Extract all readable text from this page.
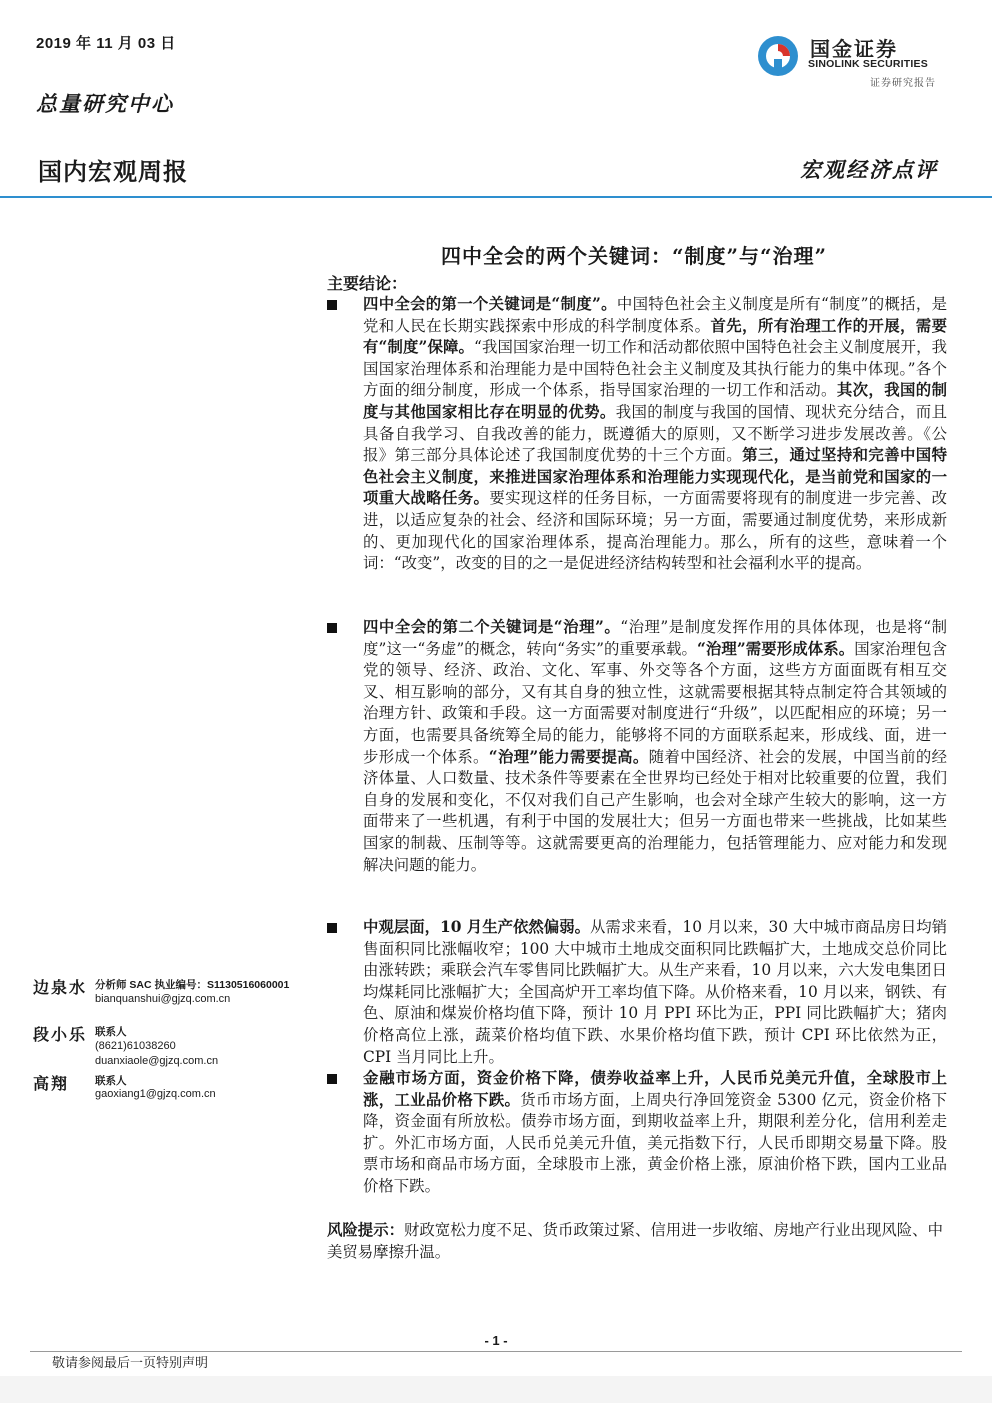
2019 年 11 月 03 日
总量研究中心
国内宏观周报	宏观经济点评
国金证券
SINOLINK SECURITIES
证券研究报告
四中全会的两个关键词：“制度”与“治理”
主要结论：

四中全会的第一个关键词是“制度”。中国特色社会主义制度是所有“制度”的概括，是党和人民在长期实践探索中形成的科学制度体系。首先，所有治理工作的开展，需要有“制度”保障。“我国国家治理一切工作和活动都依照中国特色社会主义制度展开，我国国家治理体系和治理能力是中国特色社会主义制度及其执行能力的集中体现。”各个方面的细分制度，形成一个体系，指导国家治理的一切工作和活动。其次，我国的制度与其他国家相比存在明显的优势。我国的制度与我国的国情、现状充分结合，而且具备自我学习、自我改善的能力，既遵循大的原则，又不断学习进步发展改善。《公报》第三部分具体论述了我国制度优势的十三个方面。第三，通过坚持和完善中国特色社会主义制度，来推进国家治理体系和治理能力实现现代化，是当前党和国家的一项重大战略任务。要实现这样的任务目标，一方面需要将现有的制度进一步完善、改进，以适应复杂的社会、经济和国际环境；另一方面，需要通过制度优势，来形成新的、更加现代化的国家治理体系，提高治理能力。那么，所有的这些，意味着一个词：“改变”，改变的目的之一是促进经济结构转型和社会福利水平的提高。

四中全会的第二个关键词是“治理”。“治理”是制度发挥作用的具体体现，也是将“制度”这一“务虚”的概念，转向“务实”的重要承载。“治理”需要形成体系。国家治理包含党的领导、经济、政治、文化、军事、外交等各个方面，这些方方面面既有相互交叉、相互影响的部分，又有其自身的独立性，这就需要根据其特点制定符合其领域的治理方针、政策和手段。这一方面需要对制度进行“升级”，以匹配相应的环境；另一方面，也需要具备统筹全局的能力，能够将不同的方面联系起来，形成线、面，进一步形成一个体系。“治理”能力需要提高。随着中国经济、社会的发展，中国当前的经济体量、人口数量、技术条件等要素在全世界均已经处于相对比较重要的位置，我们自身的发展和变化，不仅对我们自己产生影响，也会对全球产生较大的影响，这一方面带来了一些机遇，有利于中国的发展壮大；但另一方面也带来一些挑战，比如某些国家的制裁、压制等等。这就需要更高的治理能力，包括管理能力、应对能力和发现解决问题的能力。

中观层面，10 月生产依然偏弱。从需求来看，10 月以来，30 大中城市商品房日均销售面积同比涨幅收窄；100 大中城市土地成交面积同比跌幅扩大，土地成交总价同比由涨转跌；乘联会汽车零售同比跌幅扩大。从生产来看，10 月以来，六大发电集团日均煤耗同比涨幅扩大；全国高炉开工率均值下降。从价格来看，10 月以来，钢铁、有色、原油和煤炭价格均值下降，预计 10 月 PPI 环比为正，PPI 同比跌幅扩大；猪肉价格高位上涨，蔬菜价格均值下跌、水果价格均值下跌，预计 CPI 环比依然为正，CPI 当月同比上升。

金融市场方面，资金价格下降，债券收益率上升，人民币兑美元升值，全球股市上涨，工业品价格下跌。货币市场方面，上周央行净回笼资金 5300 亿元，资金价格下降，资金面有所放松。债券市场方面，到期收益率上升，期限利差分化，信用利差走扩。外汇市场方面，人民币兑美元升值，美元指数下行，人民币即期交易量下降。股票市场和商品市场方面，全球股市上涨，黄金价格上涨，原油价格下跌，国内工业品价格下跌。

风险提示：财政宽松力度不足、货币政策过紧、信用进一步收缩、房地产行业出现风险、中美贸易摩擦升温。
边泉水 分析师 SAC 执业编号：S1130516060001
bianquanshui@gjzq.com.cn
段小乐 联系人
(8621)61038260
duanxiaole@gjzq.com.cn
高翔 联系人
gaoxiang1@gjzq.com.cn
- 1 -
敬请参阅最后一页特别声明
